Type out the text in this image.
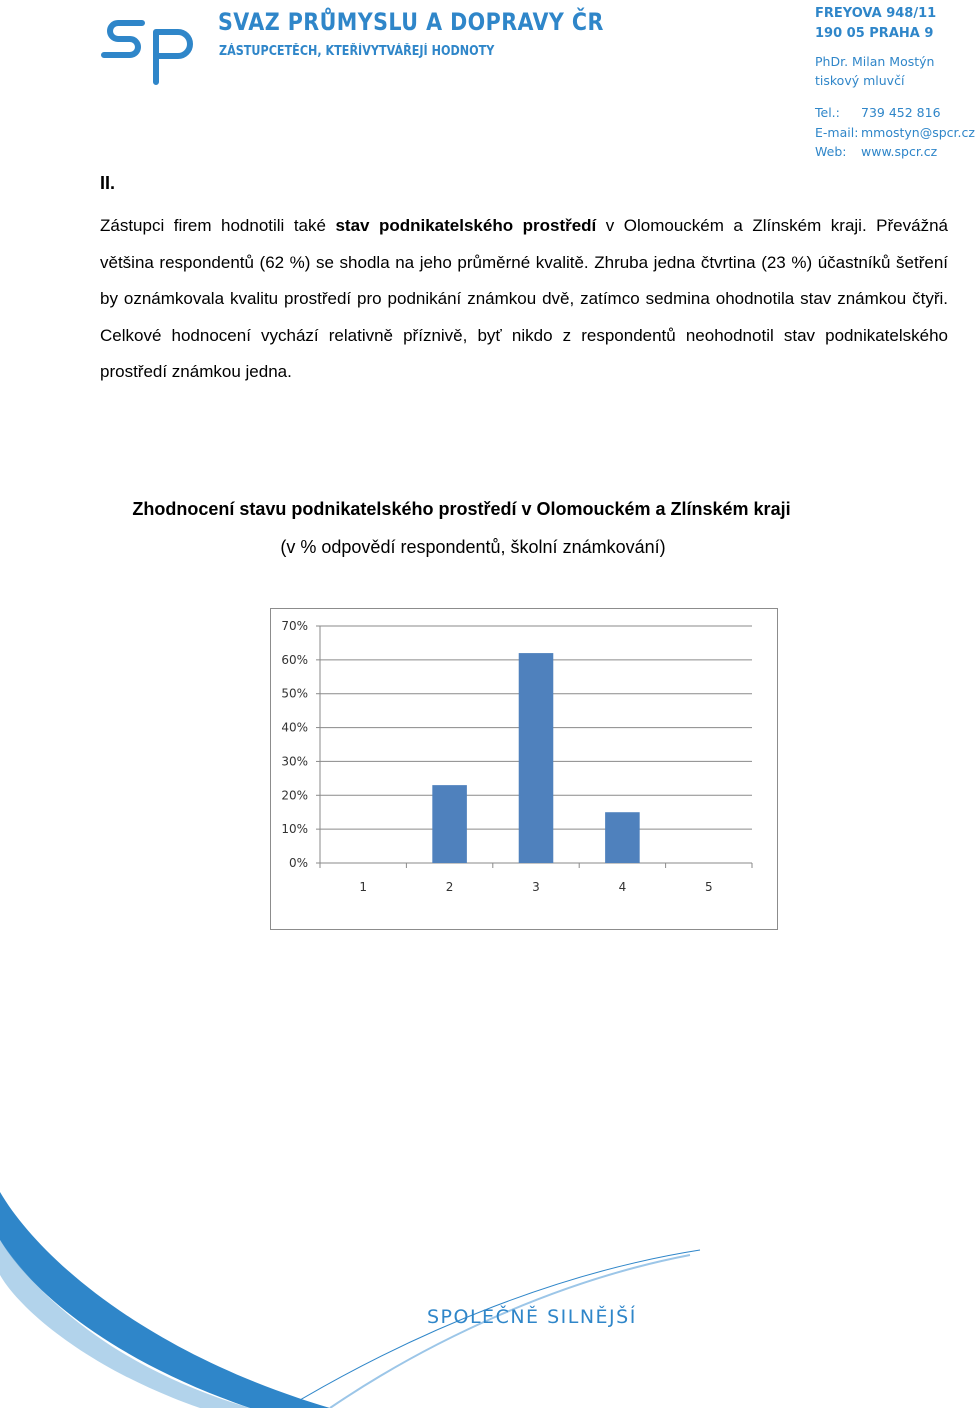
SVAZ PRŮMYSLU A DOPRAVY ČR
ZÁSTUPCETĚCH, KTEŘÍVYTVÁŘEJÍ HODNOTY
FREYOVA 948/11
190 05 PRAHA 9
PhDr. Milan Mostýn
tiskový mluvčí
Tel.: 739 452 816
E-mail: mmostyn@spcr.cz
Web: www.spcr.cz
II.
Zástupci firem hodnotili také stav podnikatelského prostředí v Olomouckém a Zlínském kraji. Převážná většina respondentů (62 %) se shodla na jeho průměrné kvalitě. Zhruba jedna čtvrtina (23 %) účastníků šetření by oznámkovala kvalitu prostředí pro podnikání známkou dvě, zatímco sedmina ohodnotila stav známkou čtyři. Celkové hodnocení vychází relativně příznivě, byť nikdo z respondentů neohodnotil stav podnikatelského prostředí známkou jedna.
Zhodnocení stavu podnikatelského prostředí v Olomouckém a Zlínském kraji
(v % odpovědí respondentů, školní známkování)
0%
10%
20%
30%
40%
50%
60%
70%
1	2	3	4	5
SPOLEČNĚ SILNĚJŠÍ
